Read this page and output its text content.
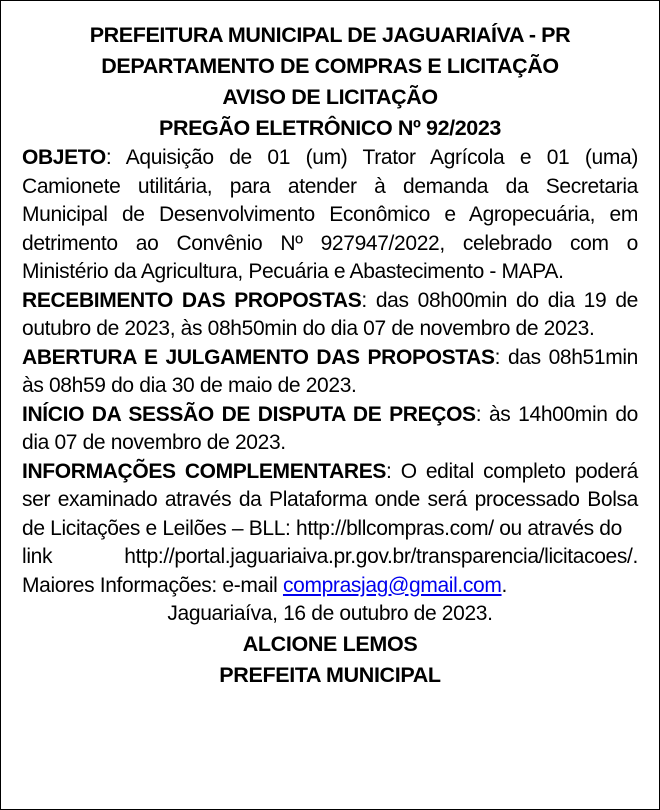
PREFEITURA MUNICIPAL DE JAGUARIAÍVA - PR
DEPARTAMENTO DE COMPRAS E LICITAÇÃO
AVISO DE LICITAÇÃO
PREGÃO ELETRÔNICO Nº 92/2023

OBJETO: Aquisição de 01 (um) Trator Agrícola e 01 (uma) Camionete utilitária, para atender à demanda da Secretaria Municipal de Desenvolvimento Econômico e Agropecuária, em detrimento ao Convênio Nº 927947/2022, celebrado com o Ministério da Agricultura, Pecuária e Abastecimento - MAPA.

RECEBIMENTO DAS PROPOSTAS: das 08h00min do dia 19 de outubro de 2023, às 08h50min do dia 07 de novembro de 2023.

ABERTURA E JULGAMENTO DAS PROPOSTAS: das 08h51min às 08h59 do dia 30 de maio de 2023.

INÍCIO DA SESSÃO DE DISPUTA DE PREÇOS: às 14h00min do dia 07 de novembro de 2023.

INFORMAÇÕES COMPLEMENTARES: O edital completo poderá ser examinado através da Plataforma onde será processado Bolsa de Licitações e Leilões – BLL: http://bllcompras.com/ ou através do

link	http://portal.jaguariaiva.pr.gov.br/transparencia/licitacoes/.

Maiores Informações: e-mail comprasjag@gmail.com.

Jaguariaíva, 16 de outubro de 2023.
ALCIONE LEMOS
PREFEITA MUNICIPAL
